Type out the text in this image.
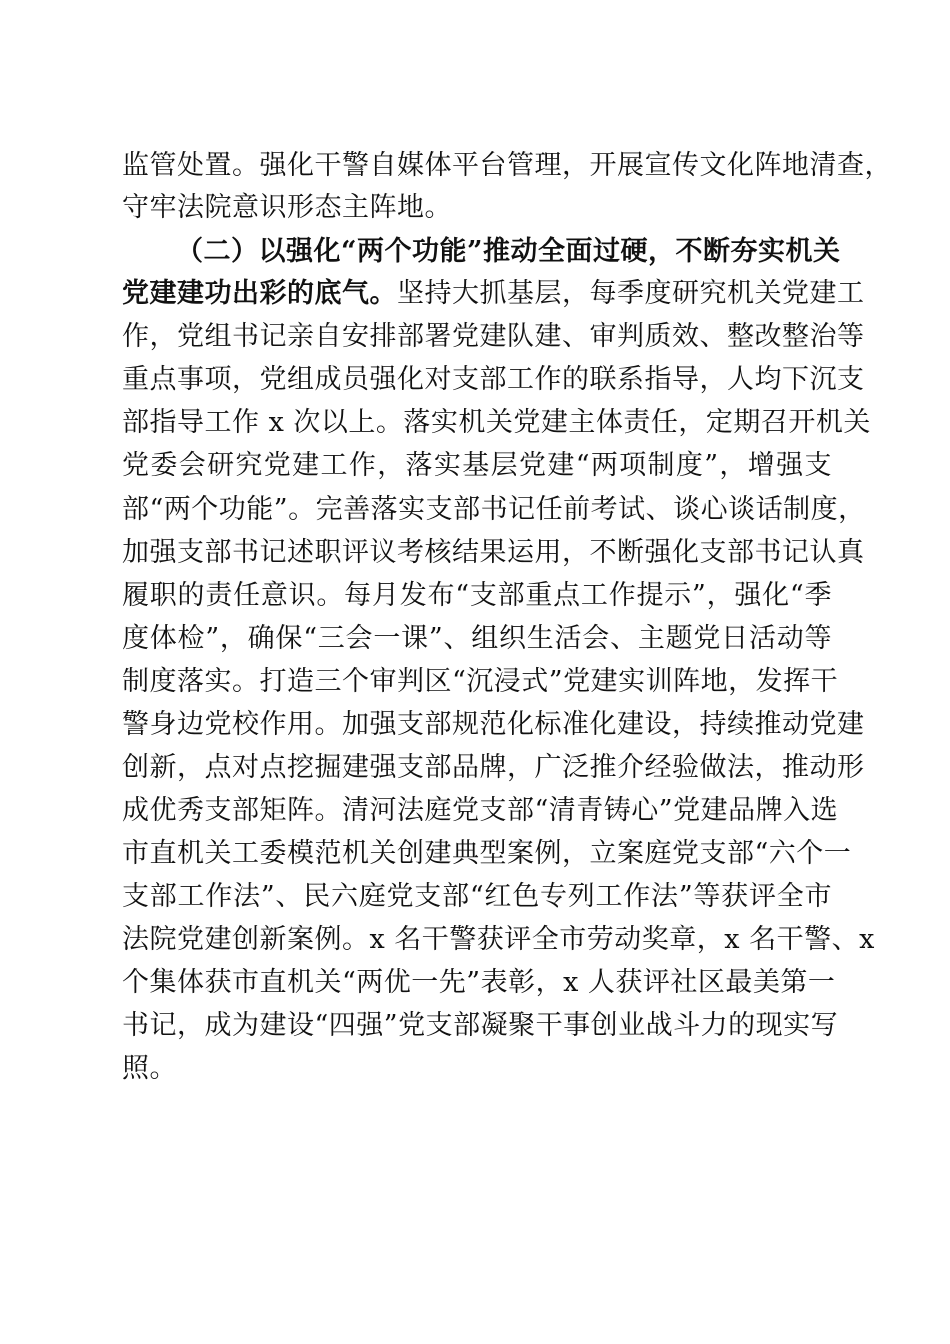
监管处置。强化干警自媒体平台管理，开展宣传文化阵地清查，
守牢法院意识形态主阵地。
（二）以强化“两个功能”推动全面过硬，不断夯实机关
党建建功出彩的底气。坚持大抓基层，每季度研究机关党建工
作，党组书记亲自安排部署党建队建、审判质效、整改整治等
重点事项，党组成员强化对支部工作的联系指导，人均下沉支
部指导工作 x 次以上。落实机关党建主体责任，定期召开机关
党委会研究党建工作，落实基层党建“两项制度”，增强支
部“两个功能”。完善落实支部书记任前考试、谈心谈话制度，
加强支部书记述职评议考核结果运用，不断强化支部书记认真
履职的责任意识。每月发布“支部重点工作提示”，强化“季
度体检”，确保“三会一课”、组织生活会、主题党日活动等
制度落实。打造三个审判区“沉浸式”党建实训阵地，发挥干
警身边党校作用。加强支部规范化标准化建设，持续推动党建
创新，点对点挖掘建强支部品牌，广泛推介经验做法，推动形
成优秀支部矩阵。清河法庭党支部“清青铸心”党建品牌入选
市直机关工委模范机关创建典型案例，立案庭党支部“六个一
支部工作法”、民六庭党支部“红色专列工作法”等获评全市
法院党建创新案例。x 名干警获评全市劳动奖章，x 名干警、x
个集体获市直机关“两优一先”表彰，x 人获评社区最美第一
书记，成为建设“四强”党支部凝聚干事创业战斗力的现实写
照。
